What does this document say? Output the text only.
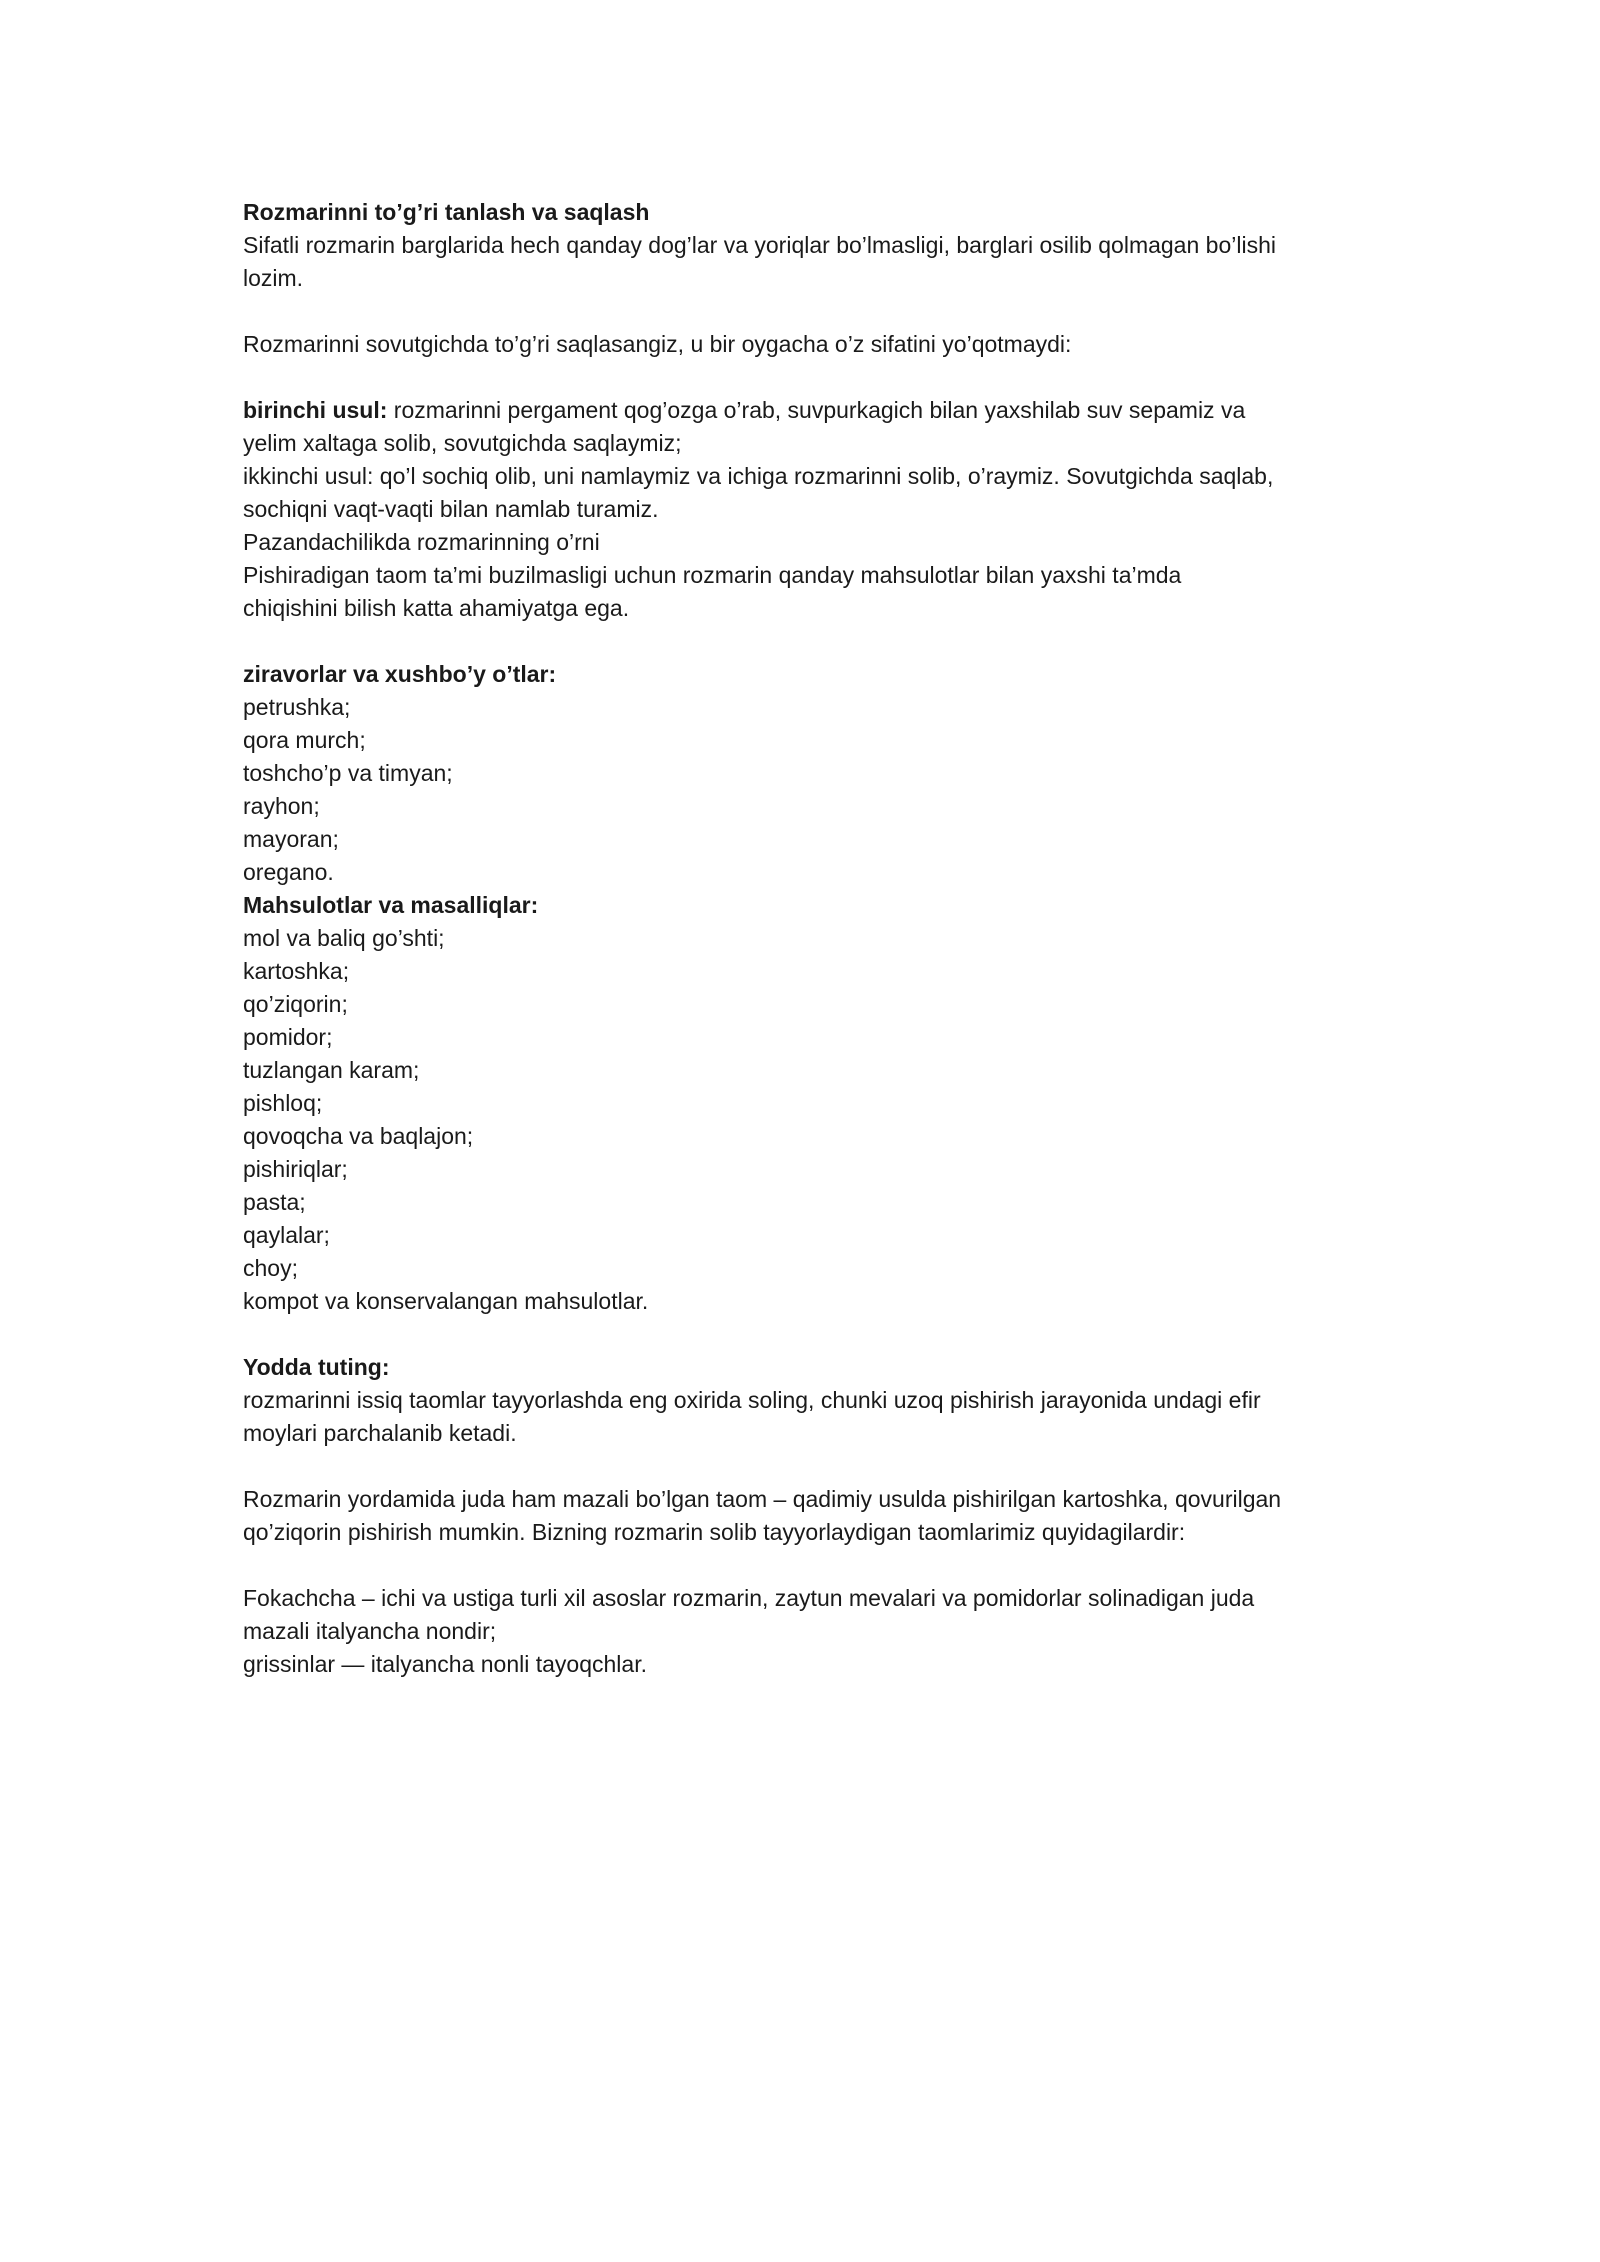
Rozmarinni to’g’ri tanlash va saqlash
Sifatli rozmarin barglarida hech qanday dog’lar va yoriqlar bo’lmasligi, barglari osilib qolmagan bo’lishi
lozim.
Rozmarinni sovutgichda to’g’ri saqlasangiz, u bir oygacha o’z sifatini yo’qotmaydi:
birinchi usul: rozmarinni pergament qog’ozga o’rab, suvpurkagich bilan yaxshilab suv sepamiz va
yelim xaltaga solib, sovutgichda saqlaymiz;
ikkinchi usul: qo’l sochiq olib, uni namlaymiz va ichiga rozmarinni solib, o’raymiz. Sovutgichda saqlab,
sochiqni vaqt-vaqti bilan namlab turamiz.
Pazandachilikda rozmarinning o’rni
Pishiradigan taom ta’mi buzilmasligi uchun rozmarin qanday mahsulotlar bilan yaxshi ta’mda
chiqishini bilish katta ahamiyatga ega.
ziravorlar va xushbo’y o’tlar:
petrushka;
qora murch;
toshcho’p va timyan;
rayhon;
mayoran;
oregano.
Mahsulotlar va masalliqlar:
mol va baliq go’shti;
kartoshka;
qo’ziqorin;
pomidor;
tuzlangan karam;
pishloq;
qovoqcha va baqlajon;
pishiriqlar;
pasta;
qaylalar;
choy;
kompot va konservalangan mahsulotlar.
Yodda tuting:
rozmarinni issiq taomlar tayyorlashda eng oxirida soling, chunki uzoq pishirish jarayonida undagi efir
moylari parchalanib ketadi.
Rozmarin yordamida juda ham mazali bo’lgan taom – qadimiy usulda pishirilgan kartoshka, qovurilgan
qo’ziqorin pishirish mumkin. Bizning rozmarin solib tayyorlaydigan taomlarimiz quyidagilardir:
Fokachcha – ichi va ustiga turli xil asoslar rozmarin, zaytun mevalari va pomidorlar solinadigan juda
mazali italyancha nondir;
grissinlar — italyancha nonli tayoqchlar.
